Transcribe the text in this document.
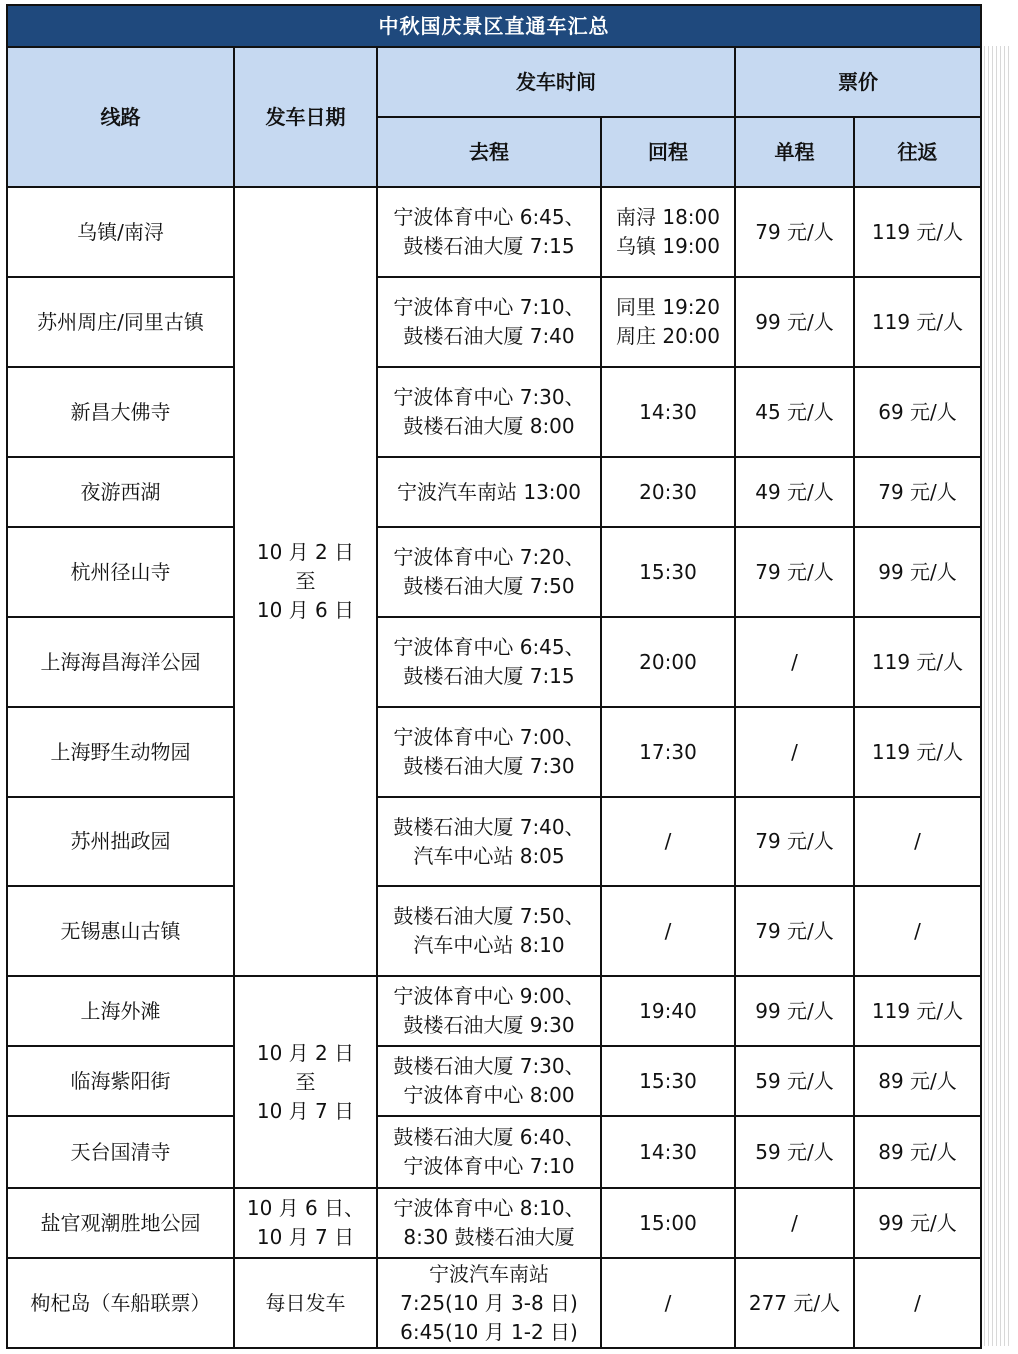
中秋国庆景区直通车汇总					
线路	发车日期	发车时间		票价	
		去程	回程	单程	往返
乌镇/南浔	10 月 2 日
至
10 月 6 日	宁波体育中心 6:45、
鼓楼石油大厦 7:15	南浔 18:00
乌镇 19:00	79 元/人	119 元/人
苏州周庄/同里古镇		宁波体育中心 7:10、
鼓楼石油大厦 7:40	同里 19:20
周庄 20:00	99 元/人	119 元/人
新昌大佛寺		宁波体育中心 7:30、
鼓楼石油大厦 8:00	14:30	45 元/人	69 元/人
夜游西湖		宁波汽车南站 13:00	20:30	49 元/人	79 元/人
杭州径山寺		宁波体育中心 7:20、
鼓楼石油大厦 7:50	15:30	79 元/人	99 元/人
上海海昌海洋公园		宁波体育中心 6:45、
鼓楼石油大厦 7:15	20:00	/	119 元/人
上海野生动物园		宁波体育中心 7:00、
鼓楼石油大厦 7:30	17:30	/	119 元/人
苏州拙政园		鼓楼石油大厦 7:40、
汽车中心站 8:05	/	79 元/人	/
无锡惠山古镇		鼓楼石油大厦 7:50、
汽车中心站 8:10	/	79 元/人	/
上海外滩	10 月 2 日
至
10 月 7 日	宁波体育中心 9:00、
鼓楼石油大厦 9:30	19:40	99 元/人	119 元/人
临海紫阳街		鼓楼石油大厦 7:30、
宁波体育中心 8:00	15:30	59 元/人	89 元/人
天台国清寺		鼓楼石油大厦 6:40、
宁波体育中心 7:10	14:30	59 元/人	89 元/人
盐官观潮胜地公园	10 月 6 日、
10 月 7 日	宁波体育中心 8:10、
8:30 鼓楼石油大厦	15:00	/	99 元/人
枸杞岛（车船联票）	每日发车	宁波汽车南站
7:25(10 月 3-8 日)
6:45(10 月 1-2 日)	/	277 元/人	/
